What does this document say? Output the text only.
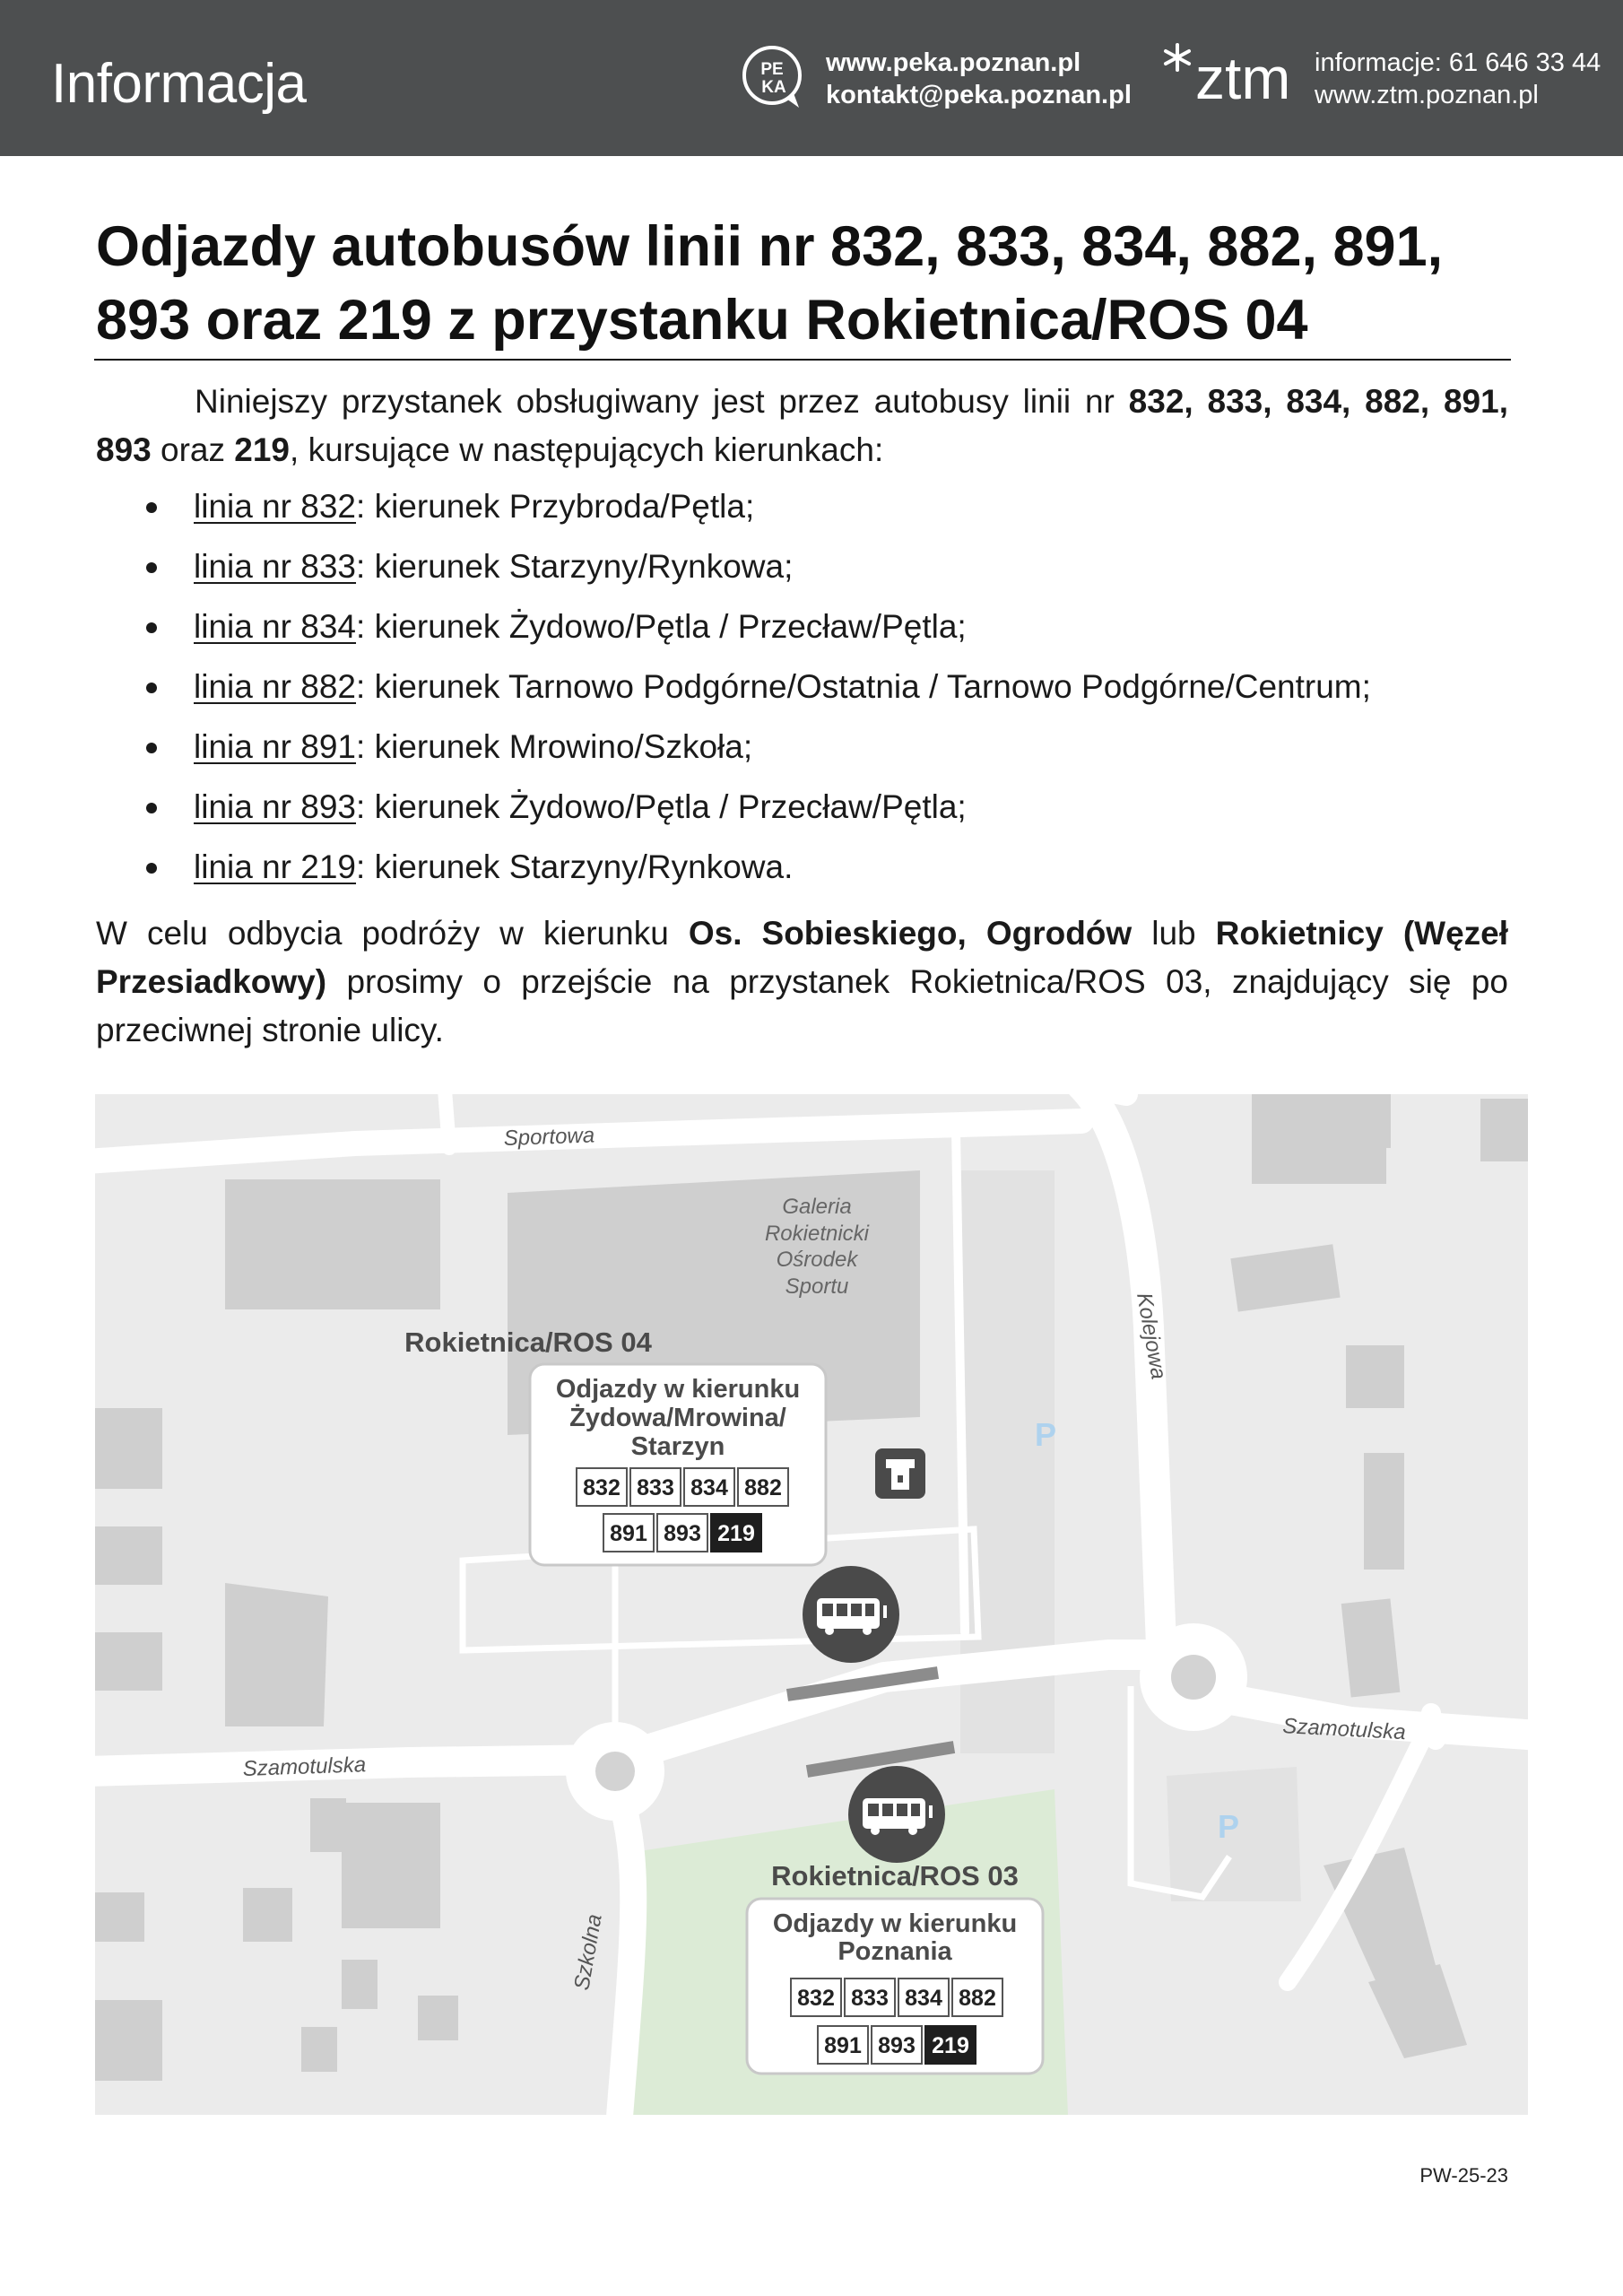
Informacja	PE
KA
www.peka.poznan.pl
kontakt@peka.poznan.pl ztm informacje: 61 646 33 44
www.ztm.poznan.pl
Odjazdy autobusów linii nr 832, 833, 834, 882, 891, 893 oraz 219 z przystanku Rokietnica/ROS 04

Niniejszy przystanek obsługiwany jest przez autobusy linii nr 832, 833, 834, 882, 891, 893 oraz 219, kursujące w następujących kierunkach:

linia nr 832: kierunek Przybroda/Pętla;
linia nr 833: kierunek Starzyny/Rynkowa;
linia nr 834: kierunek Żydowo/Pętla / Przecław/Pętla;
linia nr 882: kierunek Tarnowo Podgórne/Ostatnia / Tarnowo Podgórne/Centrum;
linia nr 891: kierunek Mrowino/Szkoła;
linia nr 893: kierunek Żydowo/Pętla / Przecław/Pętla;
linia nr 219: kierunek Starzyny/Rynkowa.

W celu odbycia podróży w kierunku Os. Sobieskiego, Ogrodów lub Rokietnicy (Węzeł Przesiadkowy) prosimy o przejście na przystanek Rokietnica/ROS 03, znajdujący się po przeciwnej stronie ulicy.

P
P
Sportowa
Kolejowa
Szamotulska
Szamotulska
Szkolna
Galeria
Rokietnicki
Ośrodek
Sportu
Rokietnica/ROS 04
Odjazdy w kierunku
Żydowa/Mrowina/
Starzyn
832 833 834 882
891 893 219
Rokietnica/ROS 03
Odjazdy w kierunku
Poznania
832 833 834 882
891 893 219
PW-25-23
